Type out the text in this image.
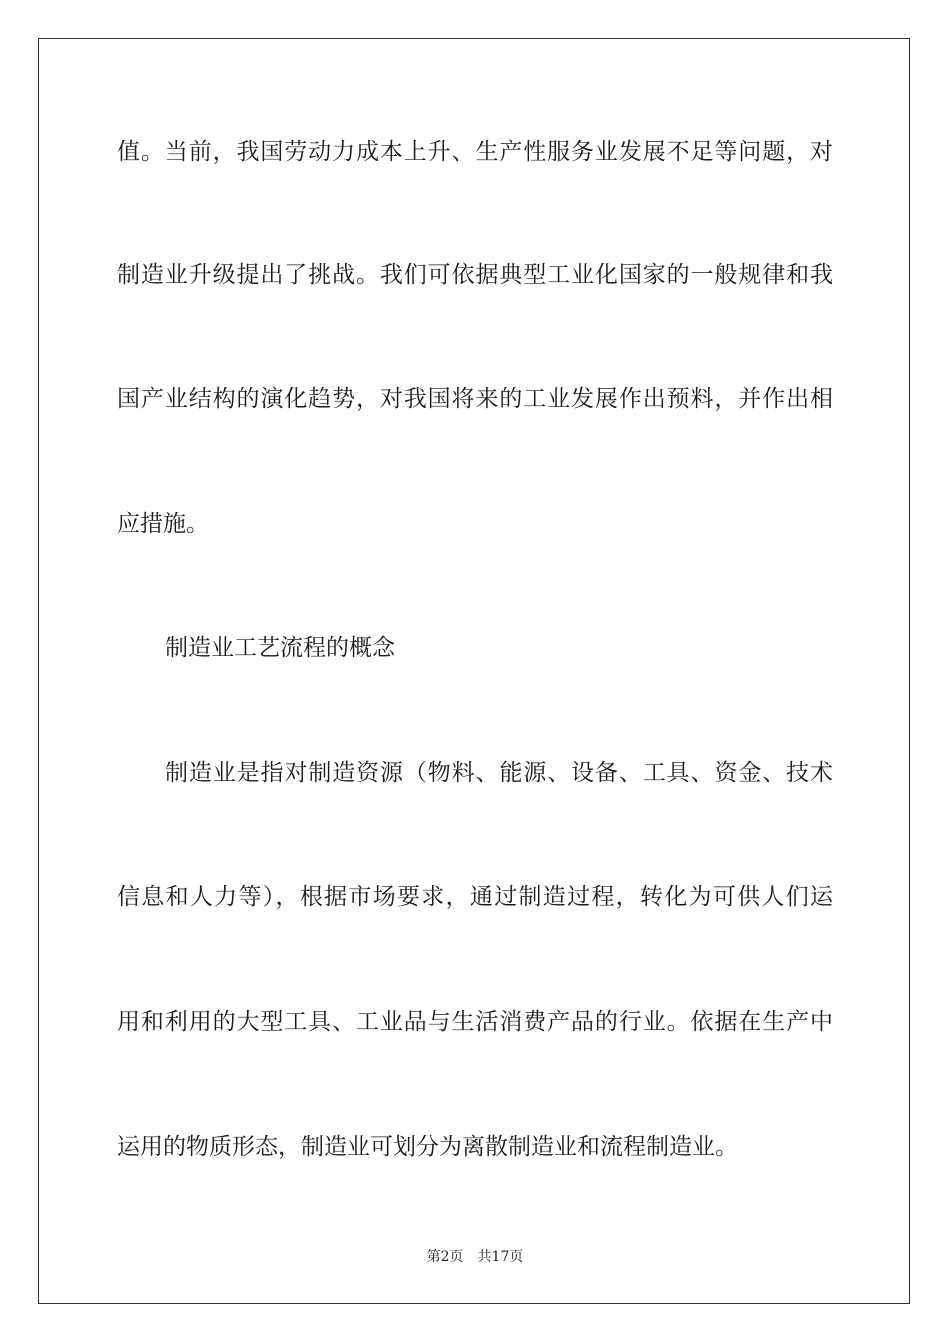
值。当前，我国劳动力成本上升、生产性服务业发展不足等问题，对
制造业升级提出了挑战。我们可依据典型工业化国家的一般规律和我
国产业结构的演化趋势，对我国将来的工业发展作出预料，并作出相
应措施。
制造业工艺流程的概念
制造业是指对制造资源（物料、能源、设备、工具、资金、技术
信息和人力等），根据市场要求，通过制造过程，转化为可供人们运
用和利用的大型工具、工业品与生活消费产品的行业。依据在生产中
运用的物质形态，制造业可划分为离散制造业和流程制造业。
第2页 共17页
